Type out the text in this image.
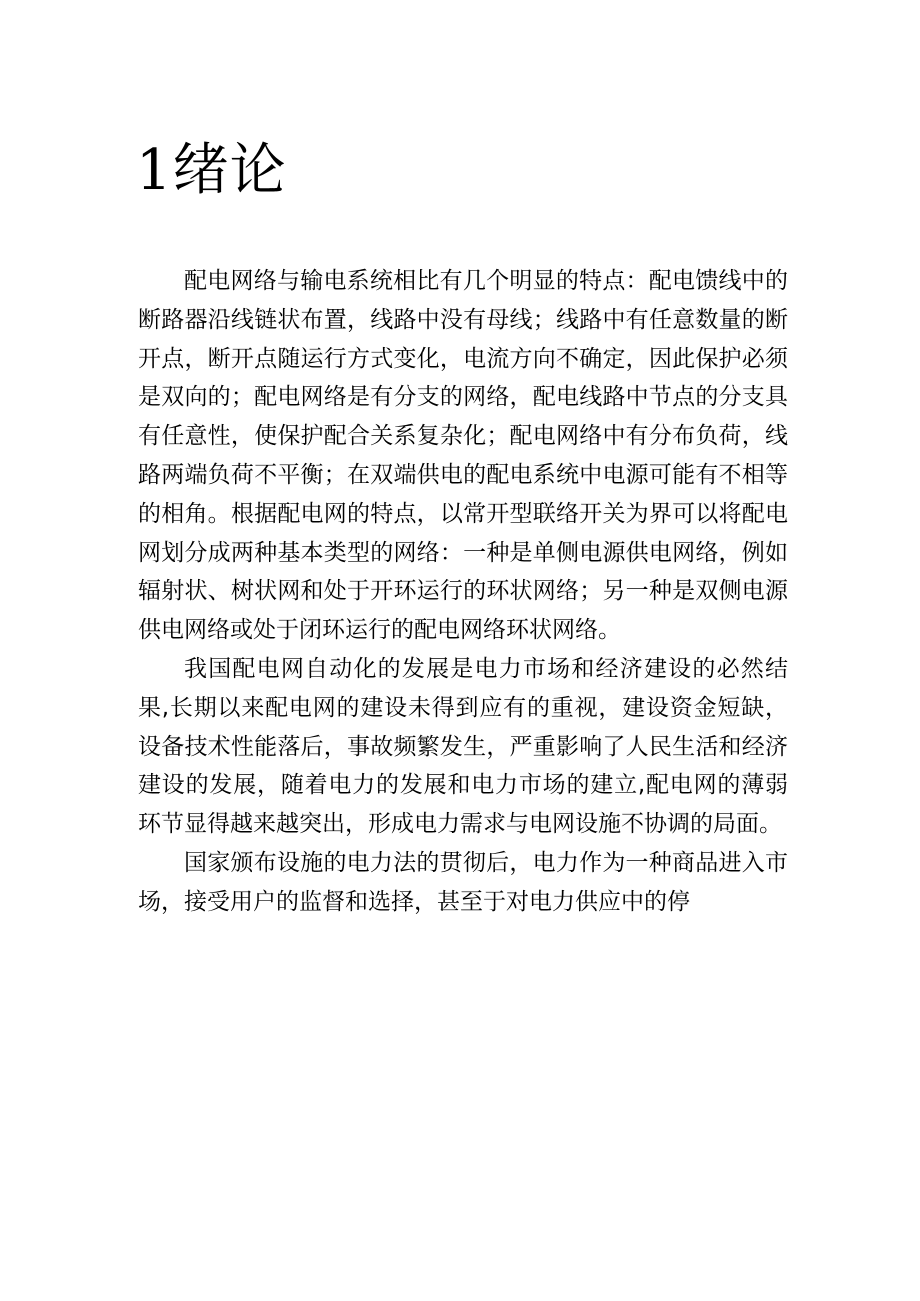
1绪论

配电网络与输电系统相比有几个明显的特点：配电馈线中的断路器沿线链状布置，线路中没有母线；线路中有任意数量的断开点，断开点随运行方式变化，电流方向不确定，因此保护必须是双向的；配电网络是有分支的网络，配电线路中节点的分支具有任意性，使保护配合关系复杂化；配电网络中有分布负荷，线路两端负荷不平衡；在双端供电的配电系统中电源可能有不相等的相角。根据配电网的特点，以常开型联络开关为界可以将配电网划分成两种基本类型的网络：一种是单侧电源供电网络，例如辐射状、树状网和处于开环运行的环状网络；另一种是双侧电源供电网络或处于闭环运行的配电网络环状网络。

我国配电网自动化的发展是电力市场和经济建设的必然结果,长期以来配电网的建设未得到应有的重视，建设资金短缺，设备技术性能落后，事故频繁发生，严重影响了人民生活和经济建设的发展，随着电力的发展和电力市场的建立,配电网的薄弱环节显得越来越突出，形成电力需求与电网设施不协调的局面。

国家颁布设施的电力法的贯彻后，电力作为一种商品进入市场，接受用户的监督和选择，甚至于对电力供应中的停
